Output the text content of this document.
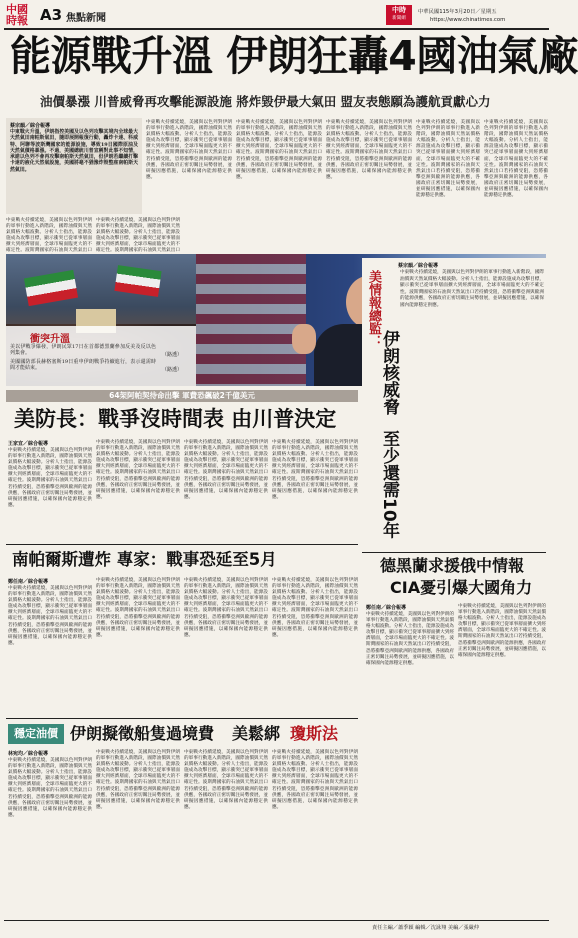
中國
時報 A3 焦點新聞
中時
新聞網
中華民國115年3月20日／星期五
https://www.chinatimes.com
能源戰升溫 伊朗狂轟4國油氣廠
油價暴漲 川普威脅再攻擊能源設施 將炸毀伊最大氣田 盟友表態願為護航貢獻心力
蔡宗韻／綜合報導
中東戰火升溫，伊朗指控美國及以色列攻擊其境內全球最大天然氣田南帕斯氣田，隨即展開報復行動，轟炸卡達、科威特、阿聯等波斯灣國家的能源設施，導致19日國際原油及天然氣價格暴漲。不過，美國總統川普宣稱對此事不知情，承諾以色列不會再攻擊南帕斯天然氣田，但伊朗若繼續打擊卡達的液化天然氣設施，美國將毫不猶豫炸毀整座南帕斯天然氣田。
中東戰火持續延燒，美國與以色列對伊朗的軍事行動進入新階段，國際油價與天然氣價格大幅波動。分析人士指出，能源設施成為攻擊目標，顯示衝突已從軍事層面擴大到經濟層面，全球市場面臨更大的不確定性。波斯灣國家的石油與天然氣出口若持續受阻，恐將衝擊亞洲與歐洲的能源供應，各國政府正密切關注局勢發展，並研擬因應措施，以確保國內能源穩定供應。
中東戰火持續延燒，美國與以色列對伊朗的軍事行動進入新階段，國際油價與天然氣價格大幅波動。分析人士指出，能源設施成為攻擊目標，顯示衝突已從軍事層面擴大到經濟層面，全球市場面臨更大的不確定性。波斯灣國家的石油與天然氣出口若持續受阻，恐將衝擊亞洲與歐洲的能源供應，各國政府正密切關注局勢發展，並研擬因應措施，以確保國內能源穩定供應。
中東戰火持續延燒，美國與以色列對伊朗的軍事行動進入新階段，國際油價與天然氣價格大幅波動。分析人士指出，能源設施成為攻擊目標，顯示衝突已從軍事層面擴大到經濟層面，全球市場面臨更大的不確定性。波斯灣國家的石油與天然氣出口若持續受阻，恐將衝擊亞洲與歐洲的能源供應，各國政府正密切關注局勢發展，並研擬因應措施，以確保國內能源穩定供應。
中東戰火持續延燒，美國與以色列對伊朗的軍事行動進入新階段，國際油價與天然氣價格大幅波動。分析人士指出，能源設施成為攻擊目標，顯示衝突已從軍事層面擴大到經濟層面，全球市場面臨更大的不確定性。波斯灣國家的石油與天然氣出口若持續受阻，恐將衝擊亞洲與歐洲的能源供應，各國政府正密切關注局勢發展，並研擬因應措施，以確保國內能源穩定供應。
中東戰火持續延燒，美國與以色列對伊朗的軍事行動進入新階段，國際油價與天然氣價格大幅波動。分析人士指出，能源設施成為攻擊目標，顯示衝突已從軍事層面擴大到經濟層面，全球市場面臨更大的不確定性。波斯灣國家的石油與天然氣出口若持續受阻，恐將衝擊亞洲與歐洲的能源供應，各國政府正密切關注局勢發展，並研擬因應措施，以確保國內能源穩定供應。
中東戰火持續延燒，美國與以色列對伊朗的軍事行動進入新階段，國際油價與天然氣價格大幅波動。分析人士指出，能源設施成為攻擊目標，顯示衝突已從軍事層面擴大到經濟層面，全球市場面臨更大的不確定性。波斯灣國家的石油與天然氣出口
中東戰火持續延燒，美國與以色列對伊朗的軍事行動進入新階段，國際油價與天然氣價格大幅波動。分析人士指出，能源設施成為攻擊目標，顯示衝突已從軍事層面擴大到經濟層面，全球市場面臨更大的不確定性。波斯灣國家的石油與天然氣出口
衝突升溫
美以伊戰爭爆發，伊朗民眾17日在首都德黑蘭參加反美及反以色列集會。	（路透）
美國國防部長赫格塞斯19日重申伊朗戰爭持續進行，表示還需時間才能結束。	（路透）
蔡宗韻／綜合報導
美情報總監：
伊朗核威脅
至少還需10年
中東戰火持續延燒，美國與以色列對伊朗的軍事行動進入新階段，國際油價與天然氣價格大幅波動。分析人士指出，能源設施成為攻擊目標，顯示衝突已從軍事層面擴大到經濟層面，全球市場面臨更大的不確定性。波斯灣國家的石油與天然氣出口若持續受阻，恐將衝擊亞洲與歐洲的能源供應，各國政府正密切關注局勢發展，並研擬因應措施，以確保國內能源穩定供應。
64架阿帕契待命出擊 軍費恐飆破2千億美元
美防長：戰爭沒時間表 由川普決定
王家宜／綜合報導
中東戰火持續延燒，美國與以色列對伊朗的軍事行動進入新階段，國際油價與天然氣價格大幅波動。分析人士指出，能源設施成為攻擊目標，顯示衝突已從軍事層面擴大到經濟層面，全球市場面臨更大的不確定性。波斯灣國家的石油與天然氣出口若持續受阻，恐將衝擊亞洲與歐洲的能源供應，各國政府正密切關注局勢發展，並研擬因應措施，以確保國內能源穩定供應。
中東戰火持續延燒，美國與以色列對伊朗的軍事行動進入新階段，國際油價與天然氣價格大幅波動。分析人士指出，能源設施成為攻擊目標，顯示衝突已從軍事層面擴大到經濟層面，全球市場面臨更大的不確定性。波斯灣國家的石油與天然氣出口若持續受阻，恐將衝擊亞洲與歐洲的能源供應，各國政府正密切關注局勢發展，並研擬因應措施，以確保國內能源穩定供應。
中東戰火持續延燒，美國與以色列對伊朗的軍事行動進入新階段，國際油價與天然氣價格大幅波動。分析人士指出，能源設施成為攻擊目標，顯示衝突已從軍事層面擴大到經濟層面，全球市場面臨更大的不確定性。波斯灣國家的石油與天然氣出口若持續受阻，恐將衝擊亞洲與歐洲的能源供應，各國政府正密切關注局勢發展，並研擬因應措施，以確保國內能源穩定供應。
中東戰火持續延燒，美國與以色列對伊朗的軍事行動進入新階段，國際油價與天然氣價格大幅波動。分析人士指出，能源設施成為攻擊目標，顯示衝突已從軍事層面擴大到經濟層面，全球市場面臨更大的不確定性。波斯灣國家的石油與天然氣出口若持續受阻，恐將衝擊亞洲與歐洲的能源供應，各國政府正密切關注局勢發展，並研擬因應措施，以確保國內能源穩定供應。
南帕爾斯遭炸 專家：戰事恐延至5月
鄭任南／綜合報導
中東戰火持續延燒，美國與以色列對伊朗的軍事行動進入新階段，國際油價與天然氣價格大幅波動。分析人士指出，能源設施成為攻擊目標，顯示衝突已從軍事層面擴大到經濟層面，全球市場面臨更大的不確定性。波斯灣國家的石油與天然氣出口若持續受阻，恐將衝擊亞洲與歐洲的能源供應，各國政府正密切關注局勢發展，並研擬因應措施，以確保國內能源穩定供應。
中東戰火持續延燒，美國與以色列對伊朗的軍事行動進入新階段，國際油價與天然氣價格大幅波動。分析人士指出，能源設施成為攻擊目標，顯示衝突已從軍事層面擴大到經濟層面，全球市場面臨更大的不確定性。波斯灣國家的石油與天然氣出口若持續受阻，恐將衝擊亞洲與歐洲的能源供應，各國政府正密切關注局勢發展，並研擬因應措施，以確保國內能源穩定供應。
中東戰火持續延燒，美國與以色列對伊朗的軍事行動進入新階段，國際油價與天然氣價格大幅波動。分析人士指出，能源設施成為攻擊目標，顯示衝突已從軍事層面擴大到經濟層面，全球市場面臨更大的不確定性。波斯灣國家的石油與天然氣出口若持續受阻，恐將衝擊亞洲與歐洲的能源供應，各國政府正密切關注局勢發展，並研擬因應措施，以確保國內能源穩定供應。
中東戰火持續延燒，美國與以色列對伊朗的軍事行動進入新階段，國際油價與天然氣價格大幅波動。分析人士指出，能源設施成為攻擊目標，顯示衝突已從軍事層面擴大到經濟層面，全球市場面臨更大的不確定性。波斯灣國家的石油與天然氣出口若持續受阻，恐將衝擊亞洲與歐洲的能源供應，各國政府正密切關注局勢發展，並研擬因應措施，以確保國內能源穩定供應。
德黑蘭求援俄中情報
CIA憂引爆大國角力
鄭任南／綜合報導
中東戰火持續延燒，美國與以色列對伊朗的軍事行動進入新階段，國際油價與天然氣價格大幅波動。分析人士指出，能源設施成為攻擊目標，顯示衝突已從軍事層面擴大到經濟層面，全球市場面臨更大的不確定性。波斯灣國家的石油與天然氣出口若持續受阻，恐將衝擊亞洲與歐洲的能源供應，各國政府正密切關注局勢發展，並研擬因應措施，以確保國內能源穩定供應。
中東戰火持續延燒，美國與以色列對伊朗的軍事行動進入新階段，國際油價與天然氣價格大幅波動。分析人士指出，能源設施成為攻擊目標，顯示衝突已從軍事層面擴大到經濟層面，全球市場面臨更大的不確定性。波斯灣國家的石油與天然氣出口若持續受阻，恐將衝擊亞洲與歐洲的能源供應，各國政府正密切關注局勢發展，並研擬因應措施，以確保國內能源穩定供應。
穩定油價 伊朗擬徵船隻過境費 美鬆綁 瓊斯法
林宛均／綜合報導
中東戰火持續延燒，美國與以色列對伊朗的軍事行動進入新階段，國際油價與天然氣價格大幅波動。分析人士指出，能源設施成為攻擊目標，顯示衝突已從軍事層面擴大到經濟層面，全球市場面臨更大的不確定性。波斯灣國家的石油與天然氣出口若持續受阻，恐將衝擊亞洲與歐洲的能源供應，各國政府正密切關注局勢發展，並研擬因應措施，以確保國內能源穩定供應。
中東戰火持續延燒，美國與以色列對伊朗的軍事行動進入新階段，國際油價與天然氣價格大幅波動。分析人士指出，能源設施成為攻擊目標，顯示衝突已從軍事層面擴大到經濟層面，全球市場面臨更大的不確定性。波斯灣國家的石油與天然氣出口若持續受阻，恐將衝擊亞洲與歐洲的能源供應，各國政府正密切關注局勢發展，並研擬因應措施，以確保國內能源穩定供應。
中東戰火持續延燒，美國與以色列對伊朗的軍事行動進入新階段，國際油價與天然氣價格大幅波動。分析人士指出，能源設施成為攻擊目標，顯示衝突已從軍事層面擴大到經濟層面，全球市場面臨更大的不確定性。波斯灣國家的石油與天然氣出口若持續受阻，恐將衝擊亞洲與歐洲的能源供應，各國政府正密切關注局勢發展，並研擬因應措施，以確保國內能源穩定供應。
中東戰火持續延燒，美國與以色列對伊朗的軍事行動進入新階段，國際油價與天然氣價格大幅波動。分析人士指出，能源設施成為攻擊目標，顯示衝突已從軍事層面擴大到經濟層面，全球市場面臨更大的不確定性。波斯灣國家的石油與天然氣出口若持續受阻，恐將衝擊亞洲與歐洲的能源供應，各國政府正密切關注局勢發展，並研擬因應措施，以確保國內能源穩定供應。
責任主編／蕭季穎 編輯／沈詠翔 美編／張嚴仲
